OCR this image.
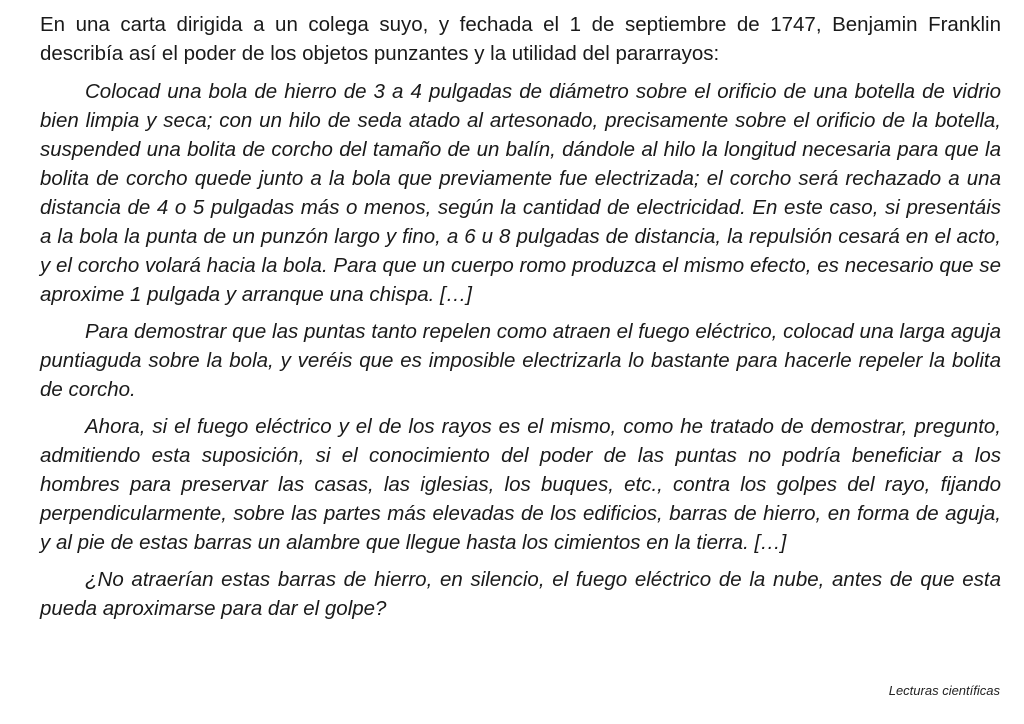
En una carta dirigida a un colega suyo, y fechada el 1 de septiembre de 1747, Benjamin Franklin describía así el poder de los objetos punzantes y la utilidad del pararrayos:

Colocad una bola de hierro de 3 a 4 pulgadas de diámetro sobre el orificio de una botella de vidrio bien limpia y seca; con un hilo de seda atado al artesonado, precisamente sobre el orificio de la botella, suspended una bolita de corcho del tamaño de un balín, dándole al hilo la longitud necesaria para que la bolita de corcho quede junto a la bola que previamente fue electrizada; el corcho será rechazado a una distancia de 4 o 5 pulgadas más o menos, según la cantidad de electricidad. En este caso, si presentáis a la bola la punta de un punzón largo y fino, a 6 u 8 pulgadas de distancia, la repulsión cesará en el acto, y el corcho volará hacia la bola. Para que un cuerpo romo produzca el mismo efecto, es necesario que se aproxime 1 pulgada y arranque una chispa. […]

Para demostrar que las puntas tanto repelen como atraen el fuego eléctrico, colocad una larga aguja puntiaguda sobre la bola, y veréis que es imposible electrizarla lo bastante para hacerle repeler la bolita de corcho.

Ahora, si el fuego eléctrico y el de los rayos es el mismo, como he tratado de demostrar, pregunto, admitiendo esta suposición, si el conocimiento del poder de las puntas no podría beneficiar a los hombres para preservar las casas, las iglesias, los buques, etc., contra los golpes del rayo, fijando perpendicularmente, sobre las partes más elevadas de los edificios, barras de hierro, en forma de aguja, y al pie de estas barras un alambre que llegue hasta los cimientos en la tierra. […]

¿No atraerían estas barras de hierro, en silencio, el fuego eléctrico de la nube, antes de que esta pueda aproximarse para dar el golpe?

Lecturas científicas
